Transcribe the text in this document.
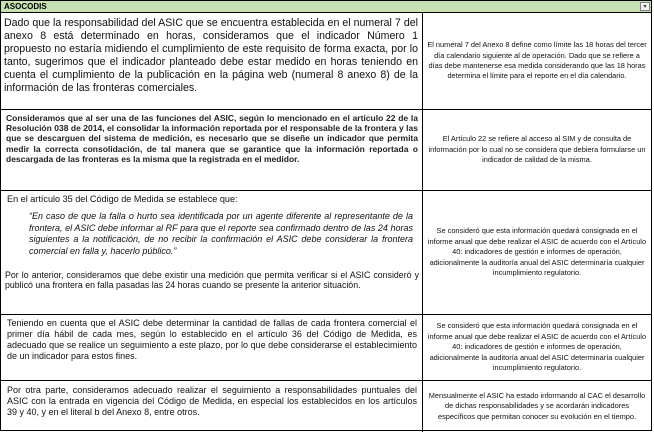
ASOCODIS	▾

Dado que la responsabilidad del ASIC que se encuentra establecida en el numeral 7 del anexo 8 está determinado en horas, consideramos que el indicador Número 1 propuesto no estaría midiendo el cumplimiento de este requisito de forma exacta, por lo tanto, sugerimos que el indicador planteado debe estar medido en horas teniendo en cuenta el cumplimiento de la publicación en la página web (numeral 8 anexo 8) de la información de las fronteras comerciales.

El numeral 7 del Anexo 8 define como límite las 18 horas del tercer día calendario siguiente al de operación. Dado que se refiere a días debe mantenerse esa medida considerando que las 18 horas determina el límite para el reporte en el día calendario.

Consideramos que al ser una de las funciones del ASIC, según lo mencionado en el artículo 22 de la Resolución 038 de 2014, el consolidar la información reportada por el responsable de la frontera y las que se descarguen del sistema de medición, es necesario que se diseñe un indicador que permita medir la correcta consolidación, de tal manera que se garantice que la información reportada o descargada de las fronteras es la misma que la registrada en el medidor.

El Artículo 22 se refiere al acceso al SIM y de consulta de información por lo cual no se considera que debiera formularse un indicador de calidad de la misma.

En el artículo 35 del Código de Medida se establece que:

“En caso de que la falla o hurto sea identificada por un agente diferente al representante de la frontera, el ASIC debe informar al RF para que el reporte sea confirmado dentro de las 24 horas siguientes a la notificación, de no recibir la confirmación el ASIC debe considerar la frontera comercial en falla y, hacerlo público.”

Por lo anterior, consideramos que debe existir una medición que permita verificar si el ASIC consideró y publicó una frontera en falla pasadas las 24 horas cuando se presente la anterior situación.

Se consideró que esta información quedará consignada en el informe anual que debe realizar el ASIC de acuerdo con el Artículo 40: indicadores de gestión e informes de operación, adicionalmente la auditoría anual del ASIC determinaría cualquier incumplimiento regulatorio.

Teniendo en cuenta que el ASIC debe determinar la cantidad de fallas de cada frontera comercial el primer día hábil de cada mes, según lo establecido en el artículo 36 del Código de Medida, es adecuado que se realice un seguimiento a este plazo, por lo que debe considerarse el establecimiento de un indicador para estos fines.

Se consideró que esta información quedará consignada en el informe anual que debe realizar el ASIC de acuerdo con el Artículo 40: indicadores de gestión e informes de operación, adicionalmente la auditoría anual del ASIC determinaría cualquier incumplimiento regulatorio.

Por otra parte, consideramos adecuado realizar el seguimiento a responsabilidades puntuales del ASIC con la entrada en vigencia del Código de Medida, en especial los establecidos en los artículos 39 y 40, y en el literal b del Anexo 8, entre otros.

Mensualmente el ASIC ha estado informando al CAC el desarrollo de dichas responsabilidades y se acordarán indicadores específicos que permitan conocer su evolución en el tiempo.
